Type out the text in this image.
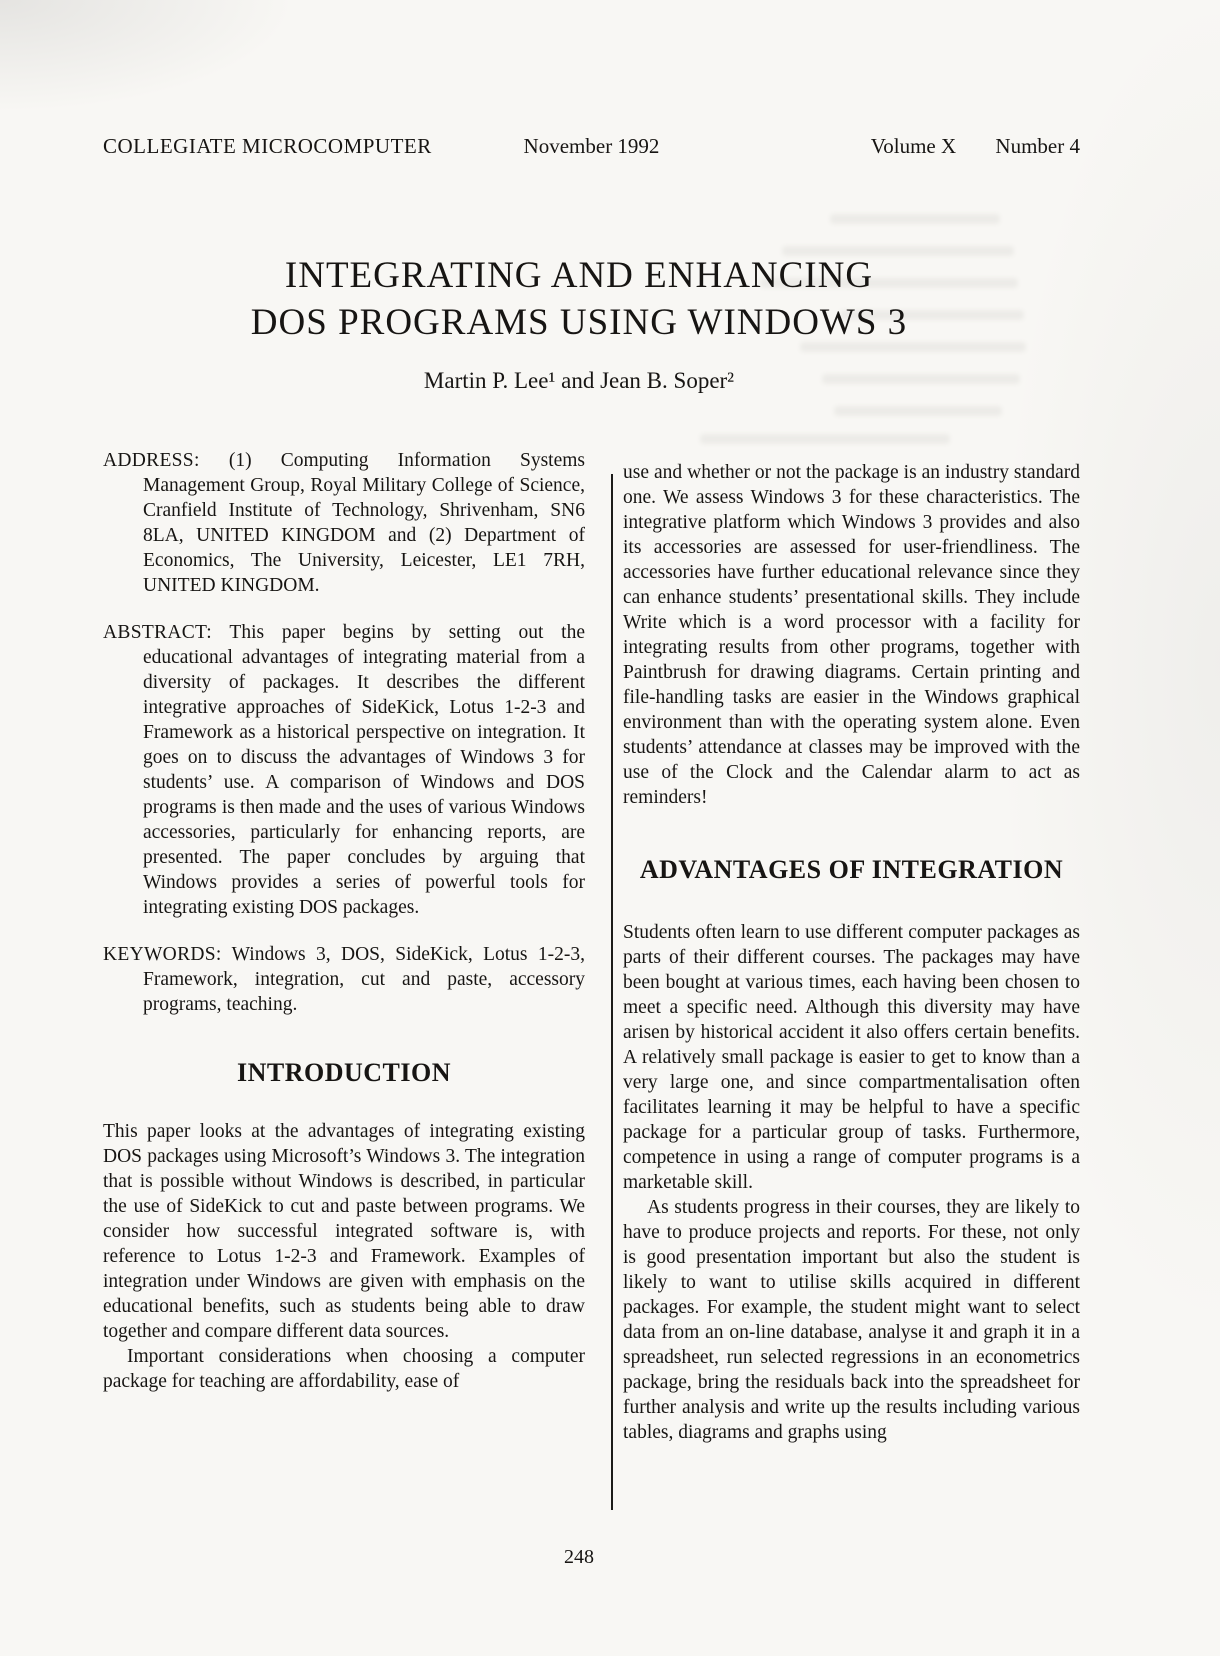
COLLEGIATE MICROCOMPUTER	November 1992	Volume X Number 4
INTEGRATING AND ENHANCING
DOS PROGRAMS USING WINDOWS 3
Martin P. Lee¹ and Jean B. Soper²

ADDRESS: (1) Computing Information Systems Management Group, Royal Military College of Science, Cranfield Institute of Technology, Shrivenham, SN6 8LA, UNITED KINGDOM and (2) Department of Economics, The University, Leicester, LE1 7RH, UNITED KINGDOM.

ABSTRACT: This paper begins by setting out the educational advantages of integrating material from a diversity of packages. It describes the different integrative approaches of SideKick, Lotus 1-2-3 and Framework as a historical perspective on integration. It goes on to discuss the advantages of Windows 3 for students’ use. A comparison of Windows and DOS programs is then made and the uses of various Windows accessories, particularly for enhancing reports, are presented. The paper concludes by arguing that Windows provides a series of powerful tools for integrating existing DOS packages.

KEYWORDS: Windows 3, DOS, SideKick, Lotus 1-2-3, Framework, integration, cut and paste, accessory programs, teaching.

INTRODUCTION

This paper looks at the advantages of integrating existing DOS packages using Microsoft’s Windows 3. The integration that is possible without Windows is described, in particular the use of SideKick to cut and paste between programs. We consider how successful integrated software is, with reference to Lotus 1-2-3 and Framework. Examples of integration under Windows are given with emphasis on the educational benefits, such as students being able to draw together and compare different data sources.

Important considerations when choosing a computer package for teaching are affordability, ease of

use and whether or not the package is an industry standard one. We assess Windows 3 for these characteristics. The integrative platform which Windows 3 provides and also its accessories are assessed for user-friendliness. The accessories have further educational relevance since they can enhance students’ presentational skills. They include Write which is a word processor with a facility for integrating results from other programs, together with Paintbrush for drawing diagrams. Certain printing and file-handling tasks are easier in the Windows graphical environment than with the operating system alone. Even students’ attendance at classes may be improved with the use of the Clock and the Calendar alarm to act as reminders!

ADVANTAGES OF INTEGRATION

Students often learn to use different computer packages as parts of their different courses. The packages may have been bought at various times, each having been chosen to meet a specific need. Although this diversity may have arisen by historical accident it also offers certain benefits. A relatively small package is easier to get to know than a very large one, and since compartmentalisation often facilitates learning it may be helpful to have a specific package for a particular group of tasks. Furthermore, competence in using a range of computer programs is a marketable skill.

As students progress in their courses, they are likely to have to produce projects and reports. For these, not only is good presentation important but also the student is likely to want to utilise skills acquired in different packages. For example, the student might want to select data from an on-line database, analyse it and graph it in a spreadsheet, run selected regressions in an econometrics package, bring the residuals back into the spreadsheet for further analysis and write up the results including various tables, diagrams and graphs using

248
